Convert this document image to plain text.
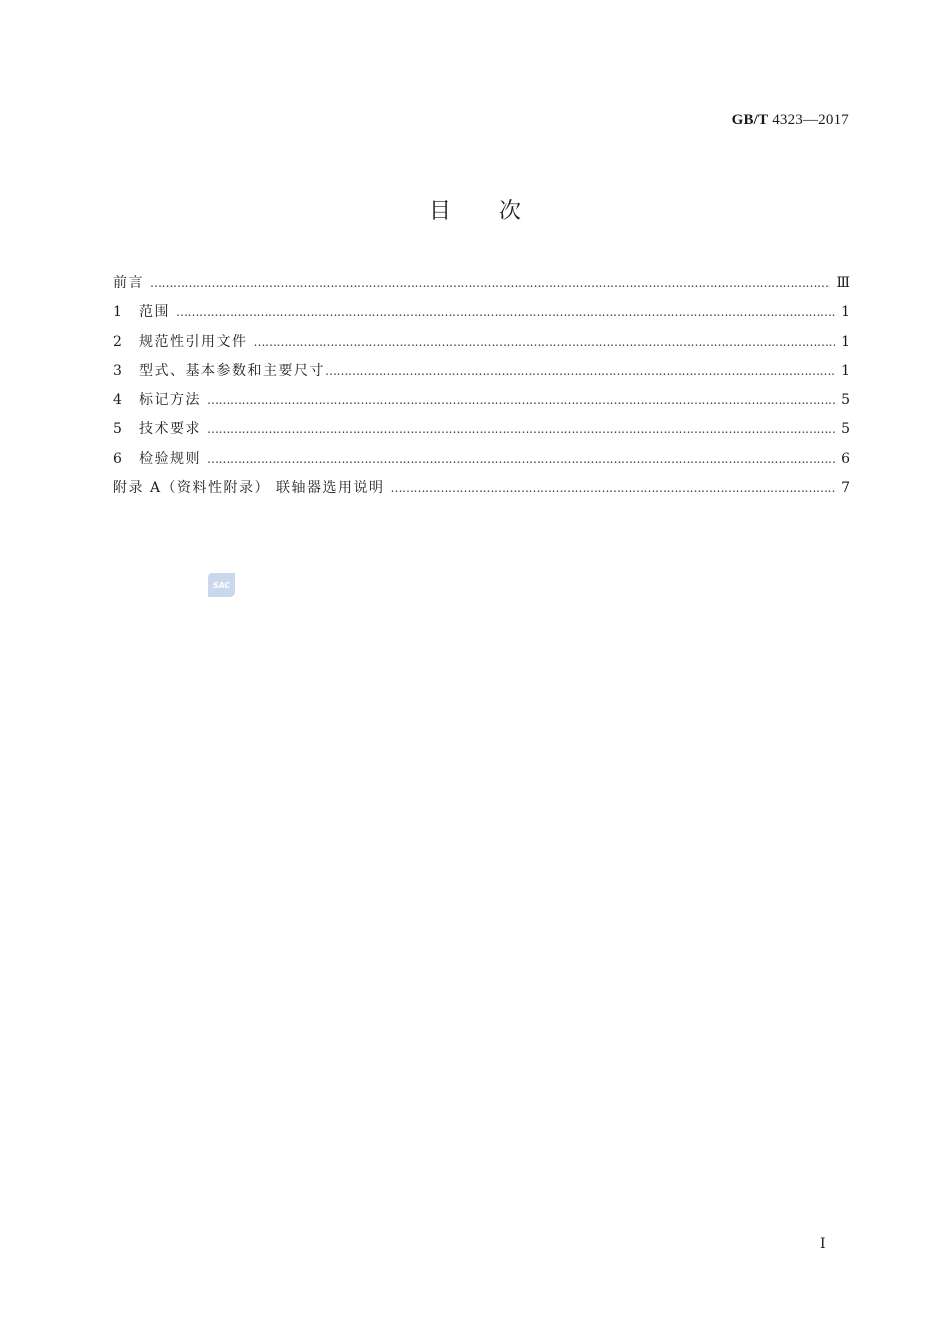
GB/T 4323—2017
目次
前言 ………………………………………………………………………………………………………………………………………………………………………………………………………………	Ⅲ
1	范围 ………………………………………………………………………………………………………………………………………………………………………………………………………………	1
2	规范性引用文件 ………………………………………………………………………………………………………………………………………………………………………………………………………………	1
3	型式、基本参数和主要尺寸 ………………………………………………………………………………………………………………………………………………………………………………………………………………	1
4	标记方法 ………………………………………………………………………………………………………………………………………………………………………………………………………………	5
5	技术要求 ………………………………………………………………………………………………………………………………………………………………………………………………………………	5
6	检验规则 ………………………………………………………………………………………………………………………………………………………………………………………………………………	6
附录 A（资料性附录） 联轴器选用说明 ………………………………………………………………………………………………………………………………………………………………………………………………………………	7
SAC
Ⅰ
